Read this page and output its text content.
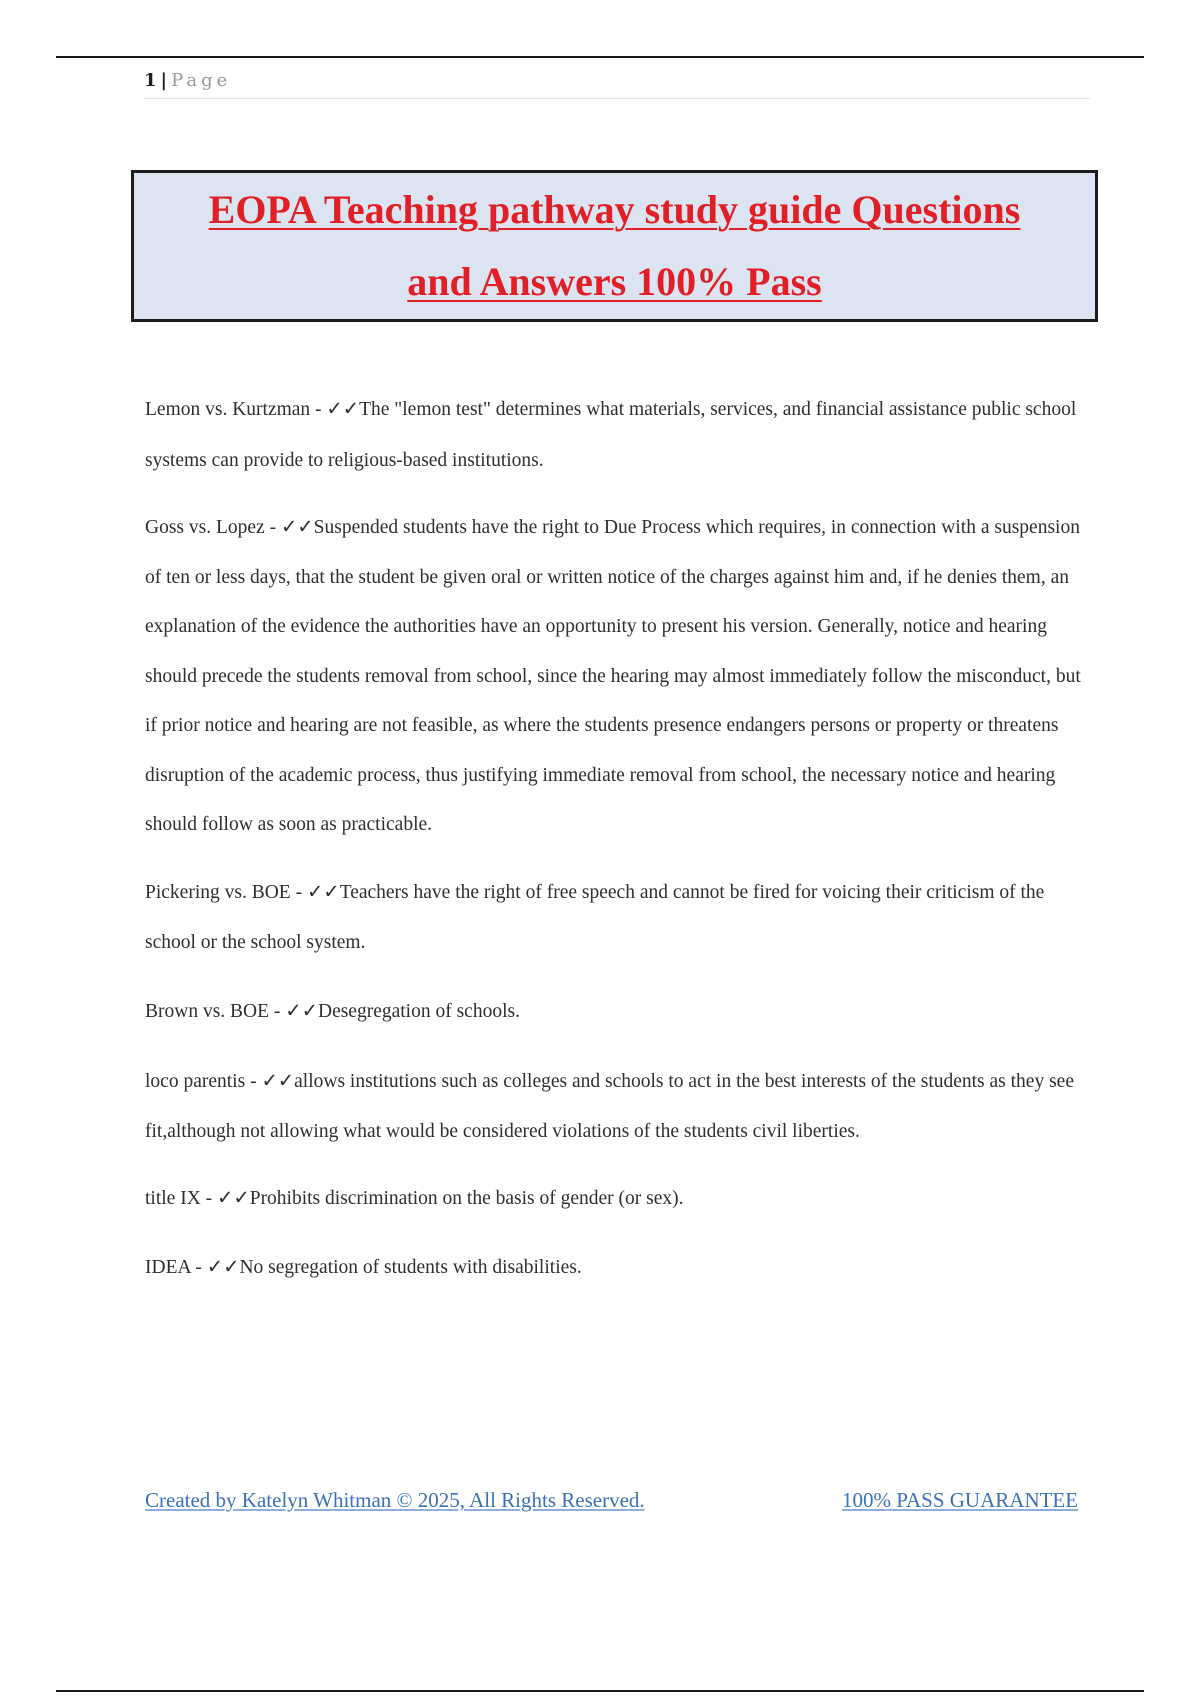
1 | Page
EOPA Teaching pathway study guide Questions
and Answers 100% Pass

Lemon vs. Kurtzman - ✓✓The "lemon test" determines what materials, services, and financial assistance public school systems can provide to religious-based institutions.

Goss vs. Lopez - ✓✓Suspended students have the right to Due Process which requires, in connection with a suspension of ten or less days, that the student be given oral or written notice of the charges against him and, if he denies them, an explanation of the evidence the authorities have an opportunity to present his version. Generally, notice and hearing should precede the students removal from school, since the hearing may almost immediately follow the misconduct, but if prior notice and hearing are not feasible, as where the students presence endangers persons or property or threatens disruption of the academic process, thus justifying immediate removal from school, the necessary notice and hearing should follow as soon as practicable.

Pickering vs. BOE - ✓✓Teachers have the right of free speech and cannot be fired for voicing their criticism of the school or the school system.

Brown vs. BOE - ✓✓Desegregation of schools.

loco parentis - ✓✓allows institutions such as colleges and schools to act in the best interests of the students as they see fit,although not allowing what would be considered violations of the students civil liberties.

title IX - ✓✓Prohibits discrimination on the basis of gender (or sex).

IDEA - ✓✓No segregation of students with disabilities.

Created by Katelyn Whitman © 2025, All Rights Reserved.	100% PASS GUARANTEE
